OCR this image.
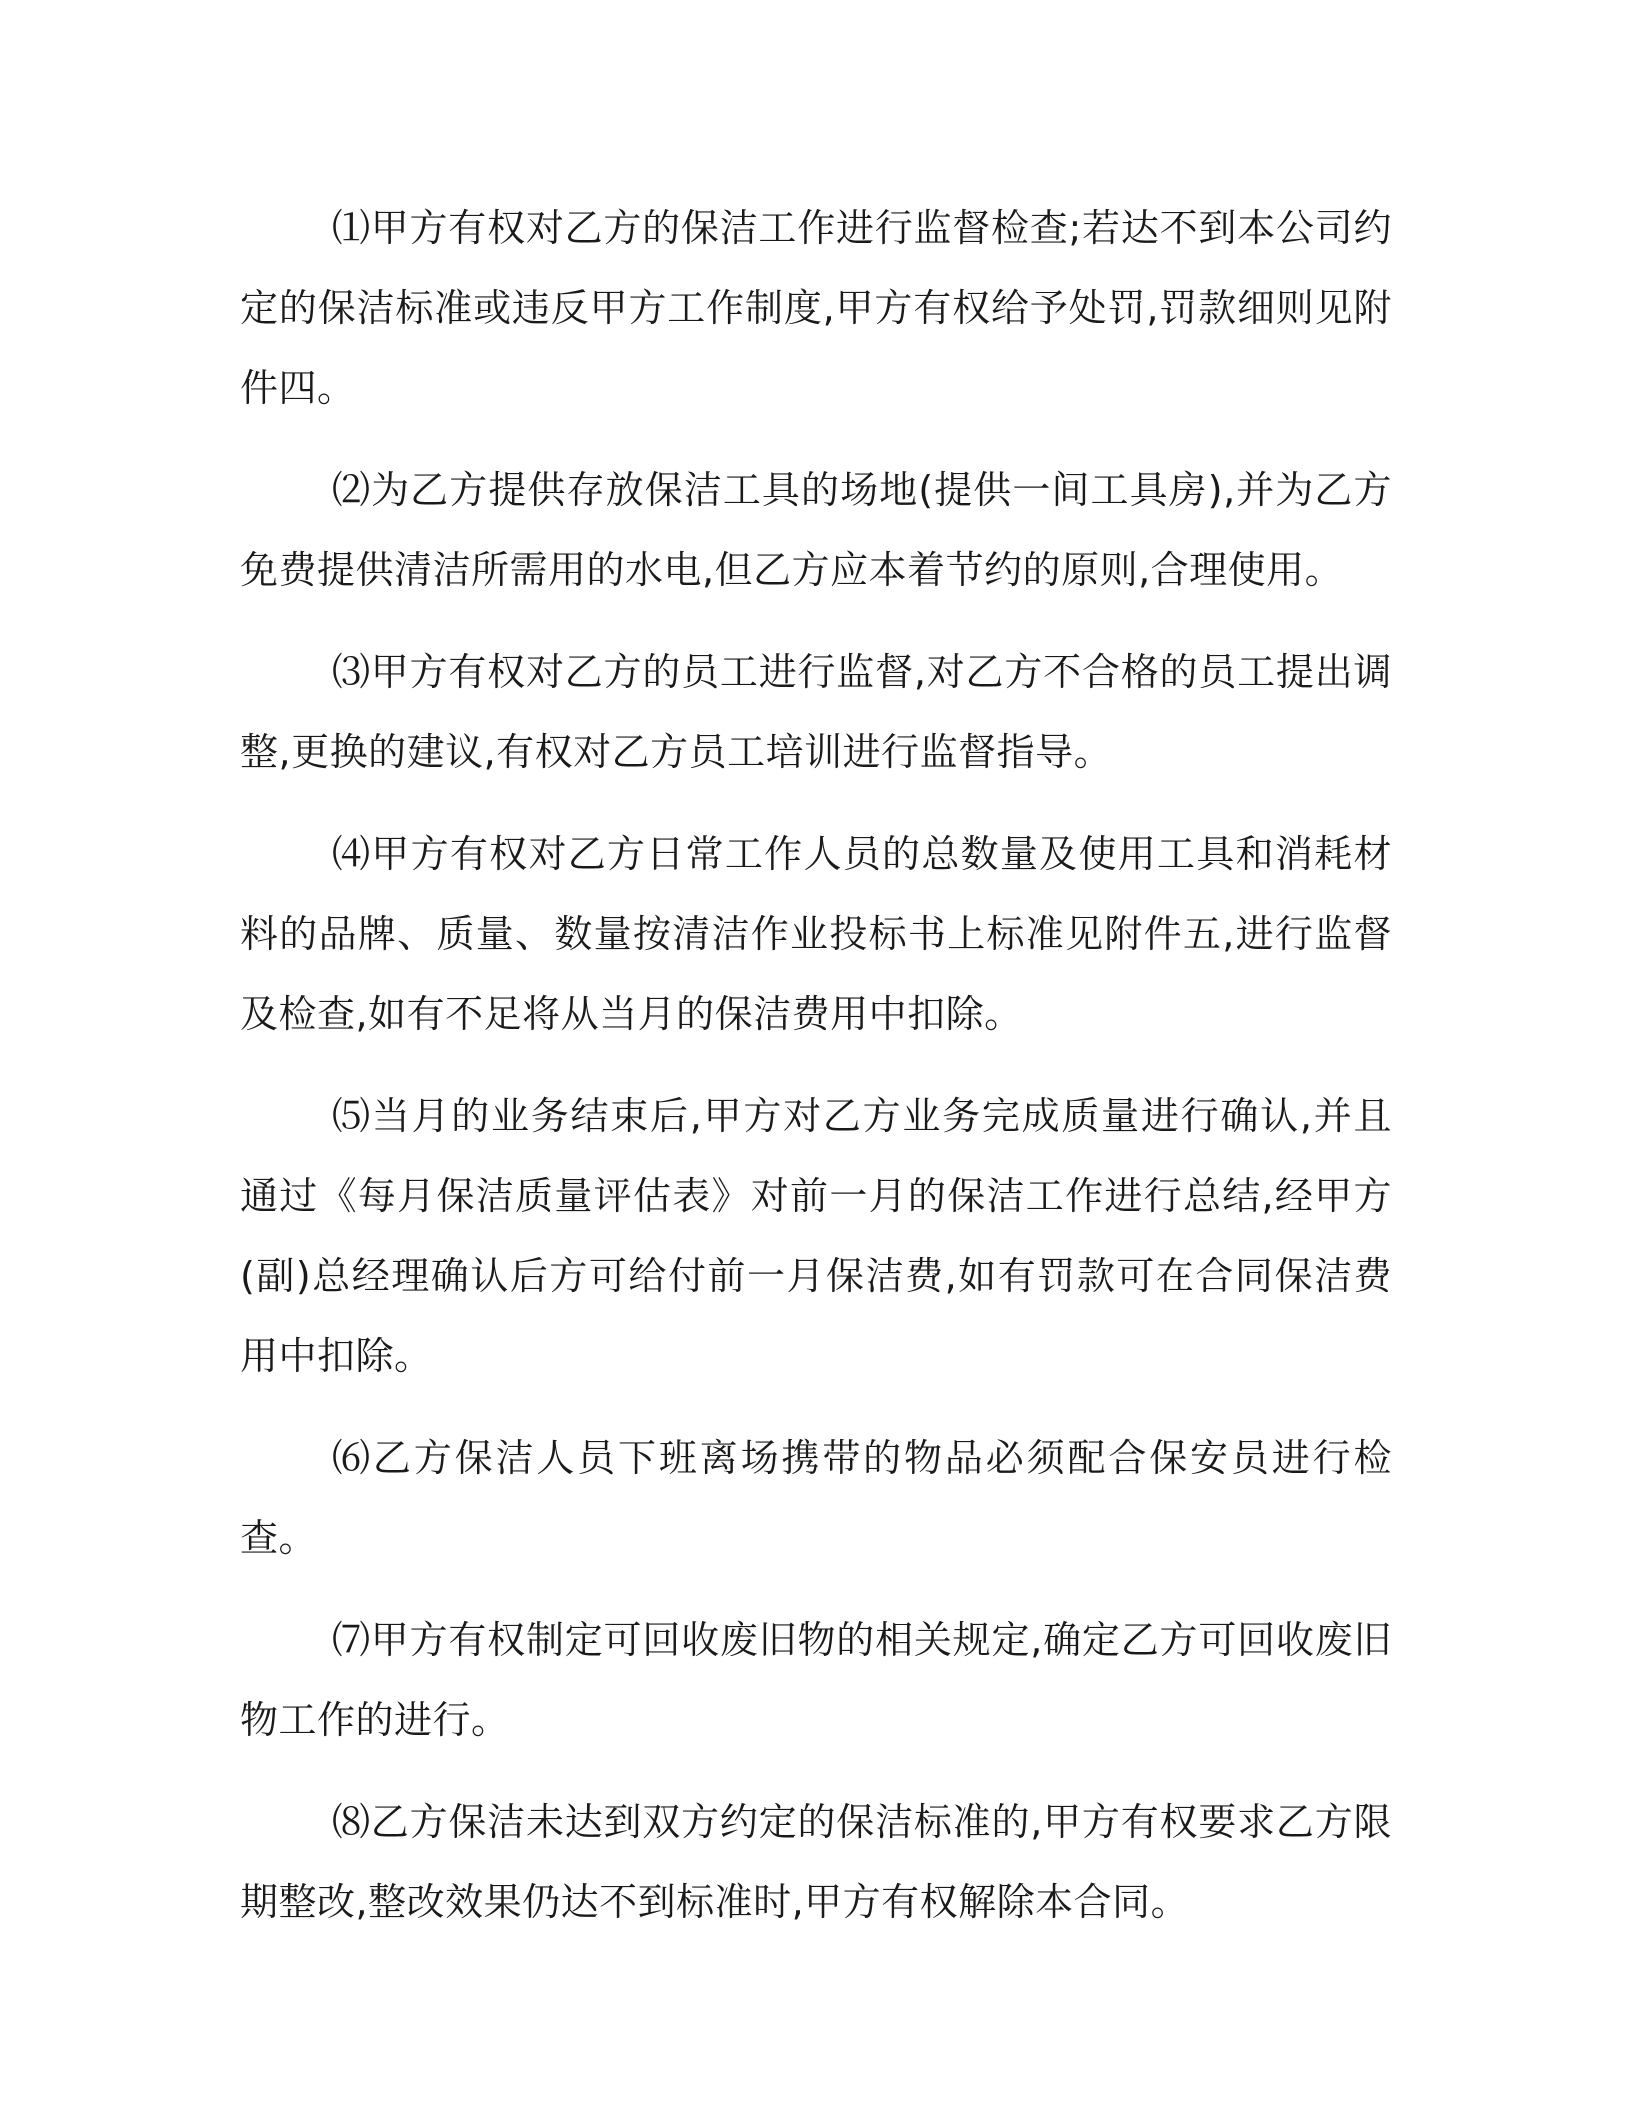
⑴甲方有权对乙方的保洁工作进行监督检查;若达不到本公司约定的保洁标准或违反甲方工作制度,甲方有权给予处罚,罚款细则见附件四。

⑵为乙方提供存放保洁工具的场地(提供一间工具房),并为乙方免费提供清洁所需用的水电,但乙方应本着节约的原则,合理使用。

⑶甲方有权对乙方的员工进行监督,对乙方不合格的员工提出调整,更换的建议,有权对乙方员工培训进行监督指导。

⑷甲方有权对乙方日常工作人员的总数量及使用工具和消耗材料的品牌、质量、数量按清洁作业投标书上标准见附件五,进行监督及检查,如有不足将从当月的保洁费用中扣除。

⑸当月的业务结束后,甲方对乙方业务完成质量进行确认,并且通过《每月保洁质量评估表》对前一月的保洁工作进行总结,经甲方(副)总经理确认后方可给付前一月保洁费,如有罚款可在合同保洁费用中扣除。

⑹乙方保洁人员下班离场携带的物品必须配合保安员进行检查。

⑺甲方有权制定可回收废旧物的相关规定,确定乙方可回收废旧物工作的进行。

⑻乙方保洁未达到双方约定的保洁标准的,甲方有权要求乙方限期整改,整改效果仍达不到标准时,甲方有权解除本合同。
